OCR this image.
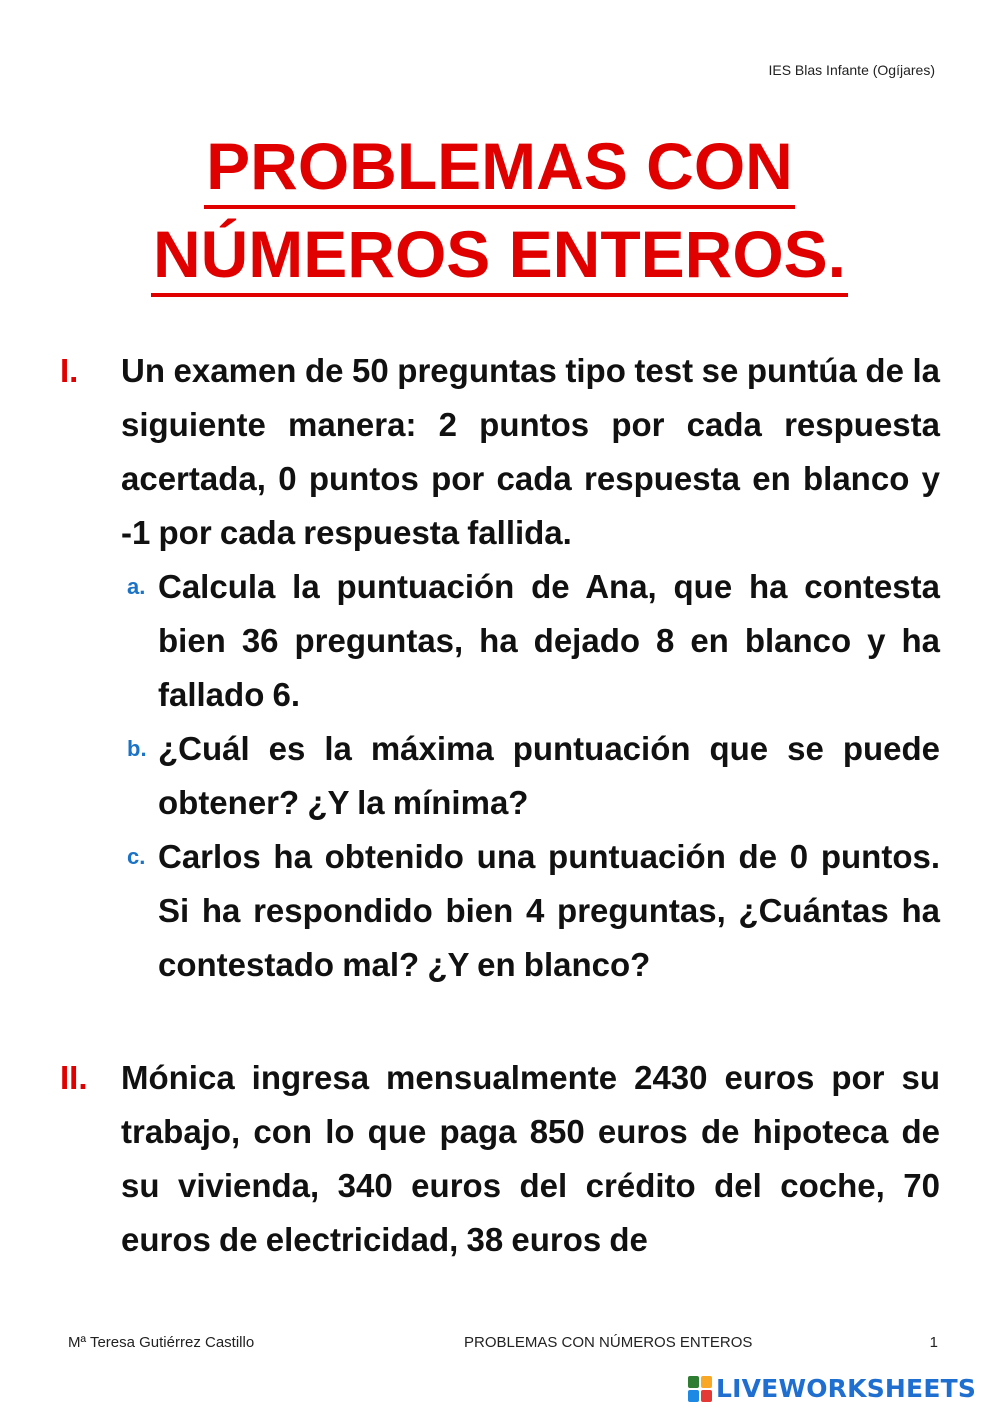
IES Blas Infante (Ogíjares)
PROBLEMAS CON
NÚMEROS ENTEROS.
I. Un examen de 50 preguntas tipo test se puntúa de la siguiente manera: 2 puntos por cada respuesta acertada, 0 puntos por cada respuesta en blanco y -1 por cada respuesta fallida.
a. Calcula la puntuación de Ana, que ha contesta bien 36 preguntas, ha dejado 8 en blanco y ha fallado 6.
b. ¿Cuál es la máxima puntuación que se puede obtener? ¿Y la mínima?
c. Carlos ha obtenido una puntuación de 0 puntos. Si ha respondido bien 4 preguntas, ¿Cuántas ha contestado mal? ¿Y en blanco?
II. Mónica ingresa mensualmente 2430 euros por su trabajo, con lo que paga 850 euros de hipoteca de su vivienda, 340 euros del crédito del coche, 70 euros de electricidad, 38 euros de
Mª Teresa Gutiérrez Castillo	PROBLEMAS CON NÚMEROS ENTEROS	1
LIVEWORKSHEETS
